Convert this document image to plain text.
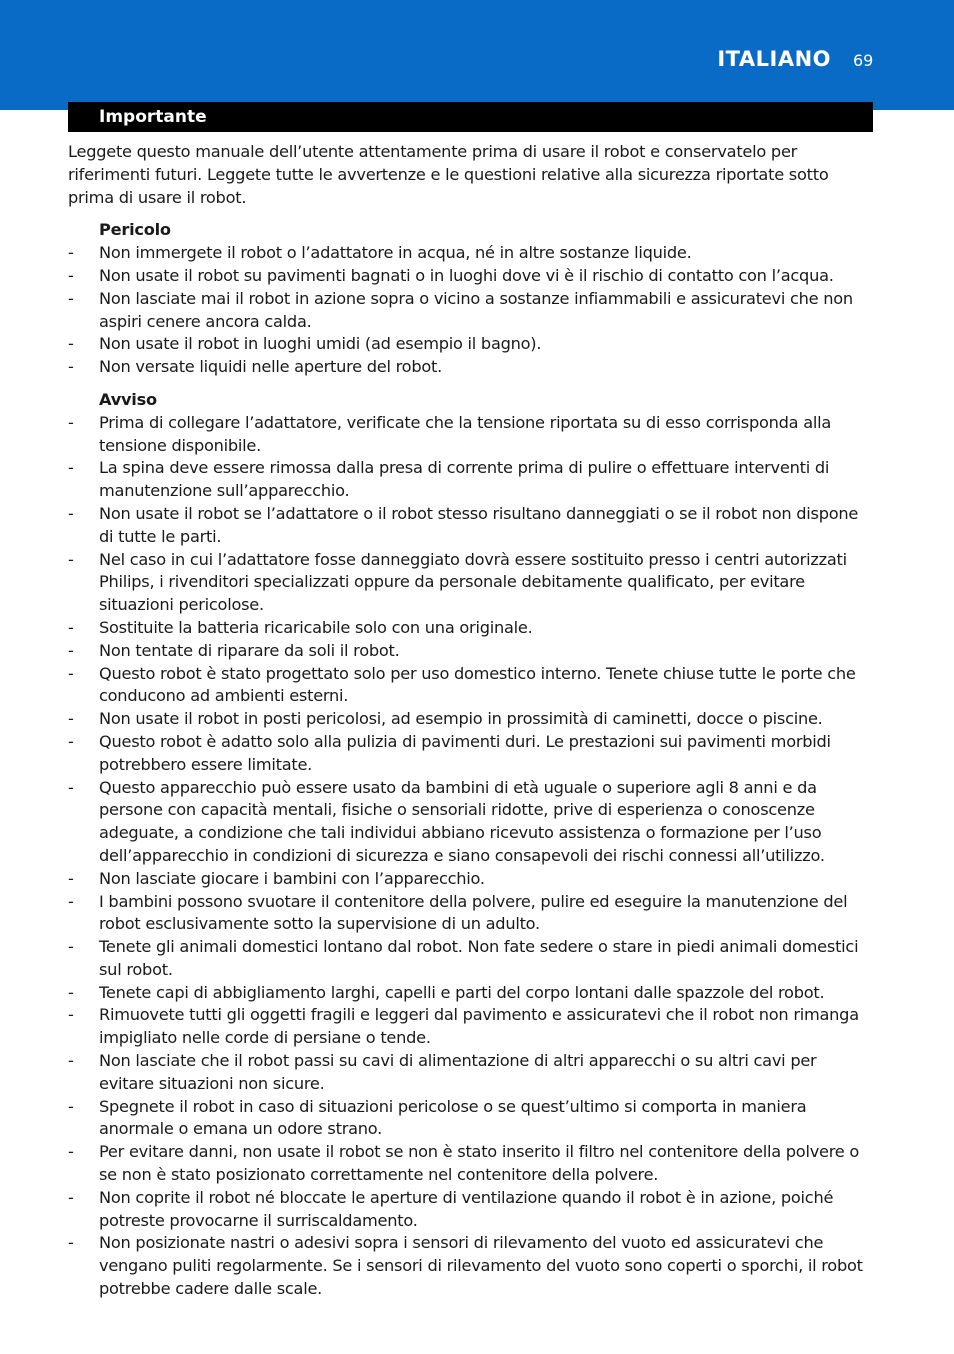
ITALIANO 69
Importante

Leggete questo manuale dell’utente attentamente prima di usare il robot e conservatelo per riferimenti futuri. Leggete tutte le avvertenze e le questioni relative alla sicurezza riportate sotto prima di usare il robot.

Pericolo
- Non immergete il robot o l’adattatore in acqua, né in altre sostanze liquide.
- Non usate il robot su pavimenti bagnati o in luoghi dove vi è il rischio di contatto con l’acqua.
- Non lasciate mai il robot in azione sopra o vicino a sostanze infiammabili e assicuratevi che non aspiri cenere ancora calda.
- Non usate il robot in luoghi umidi (ad esempio il bagno).
- Non versate liquidi nelle aperture del robot.
Avviso
- Prima di collegare l’adattatore, verificate che la tensione riportata su di esso corrisponda alla tensione disponibile.
- La spina deve essere rimossa dalla presa di corrente prima di pulire o effettuare interventi di manutenzione sull’apparecchio.
- Non usate il robot se l’adattatore o il robot stesso risultano danneggiati o se il robot non dispone di tutte le parti.
- Nel caso in cui l’adattatore fosse danneggiato dovrà essere sostituito presso i centri autorizzati Philips, i rivenditori specializzati oppure da personale debitamente qualificato, per evitare situazioni pericolose.
- Sostituite la batteria ricaricabile solo con una originale.
- Non tentate di riparare da soli il robot.
- Questo robot è stato progettato solo per uso domestico interno. Tenete chiuse tutte le porte che conducono ad ambienti esterni.
- Non usate il robot in posti pericolosi, ad esempio in prossimità di caminetti, docce o piscine.
- Questo robot è adatto solo alla pulizia di pavimenti duri. Le prestazioni sui pavimenti morbidi potrebbero essere limitate.
- Questo apparecchio può essere usato da bambini di età uguale o superiore agli 8 anni e da persone con capacità mentali, fisiche o sensoriali ridotte, prive di esperienza o conoscenze adeguate, a condizione che tali individui abbiano ricevuto assistenza o formazione per l’uso dell’apparecchio in condizioni di sicurezza e siano consapevoli dei rischi connessi all’utilizzo.
- Non lasciate giocare i bambini con l’apparecchio.
- I bambini possono svuotare il contenitore della polvere, pulire ed eseguire la manutenzione del robot esclusivamente sotto la supervisione di un adulto.
- Tenete gli animali domestici lontano dal robot. Non fate sedere o stare in piedi animali domestici sul robot.
- Tenete capi di abbigliamento larghi, capelli e parti del corpo lontani dalle spazzole del robot.
- Rimuovete tutti gli oggetti fragili e leggeri dal pavimento e assicuratevi che il robot non rimanga impigliato nelle corde di persiane o tende.
- Non lasciate che il robot passi su cavi di alimentazione di altri apparecchi o su altri cavi per evitare situazioni non sicure.
- Spegnete il robot in caso di situazioni pericolose o se quest’ultimo si comporta in maniera anormale o emana un odore strano.
- Per evitare danni, non usate il robot se non è stato inserito il filtro nel contenitore della polvere o se non è stato posizionato correttamente nel contenitore della polvere.
- Non coprite il robot né bloccate le aperture di ventilazione quando il robot è in azione, poiché potreste provocarne il surriscaldamento.
- Non posizionate nastri o adesivi sopra i sensori di rilevamento del vuoto ed assicuratevi che vengano puliti regolarmente. Se i sensori di rilevamento del vuoto sono coperti o sporchi, il robot potrebbe cadere dalle scale.
